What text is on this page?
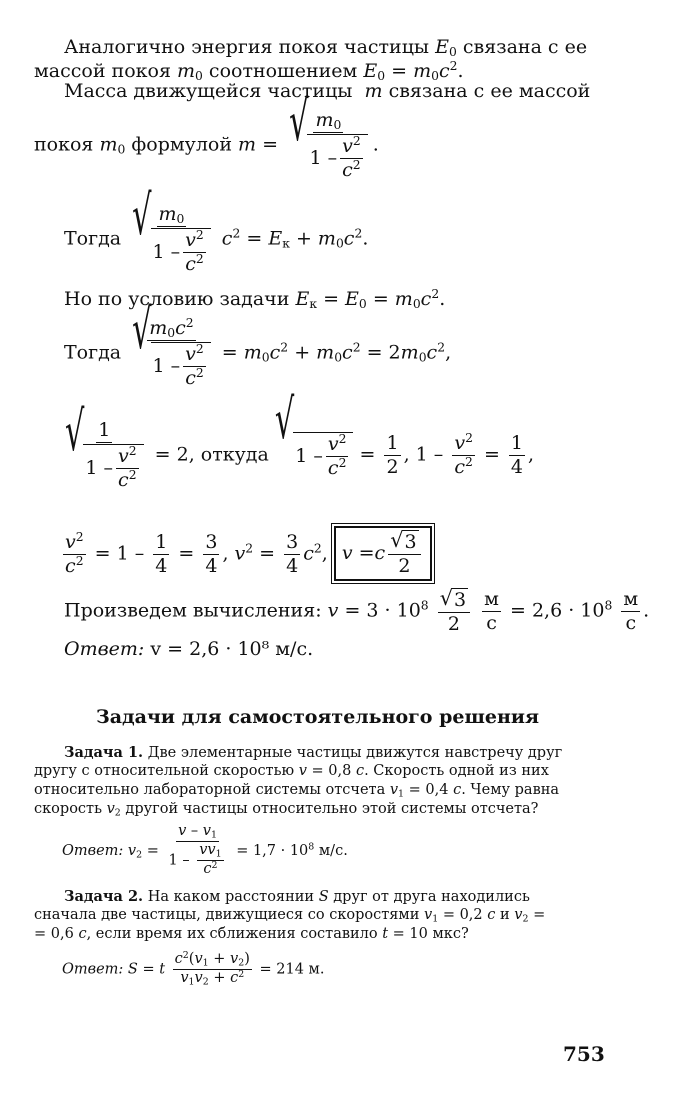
Аналогично энергия покоя частицы $E_0$ связана с ее
массой покоя $m_0$ соотношением $E_0 = m_0c^2$.
Масса движущейся частицы  m связана с ее массой
покоя $m_0$ формулой $m = m_0$
√
$1 - \frac{v^2}{c^2}$ .
Тогда $m_0$
√
$1 - \frac{v^2}{c^2} c^2 = E_к + m_0c^2$.
Но по условию задачи $E_к = E_0 = m_0c^2$.
Тогда $m_0c^2$
√
$1 - \frac{v^2}{c^2} = m_0c^2 + m_0c^2 = 2m_0c^2$,
1
√
$1 - \frac{v^2}{c^2} = 2$, откуда
√
$1 - \frac{v^2}{c^2} = \frac{1}{2}$ , $1 - \frac{v^2}{c^2} = \frac{1}{4}$ ,
$\frac{v^2}{c^2} = 1 - \frac{1}{4} = \frac{3}{4}$ , $v^2 = \frac{3}{4} c^2$, v = c $\frac{√ 3}{2}$
Произведем вычисления: $v = 3 \cdot 10^8 \frac{√ 3}{2}$
$\frac{м}{с} = 2,6 \cdot 10^8 \frac{м}{с}$ .
Ответ: v = 2,6 · 10⁸ м/с.
Задачи для самостоятельного решения
Задача 1. Две элементарные частицы движутся навстречу друг
другу с относительной скоростью v = 0,8 c. Скорость одной из них
относительно лабораторной системы отсчета $v_1 = 0,4$ c. Чему равна
скорость $v_2$ другой частицы относительно этой системы отсчета?
Ответ: $v_2 = \frac{v - v_1}{1 - \frac{vv_1}{c^2}} = 1,7 \cdot 10^8$ м/с.
Задача 2. На каком расстоянии S друг от друга находились
сначала две частицы, движущиеся со скоростями $v_1 = 0,2$ c и $v_2$ =
= 0,6 c, если время их сближения составило t = 10 мкс?
Ответ: S = t $\frac{c^2(v_1 + v_2)}{v_1v_2 + c^2} = 214$ м.
753
